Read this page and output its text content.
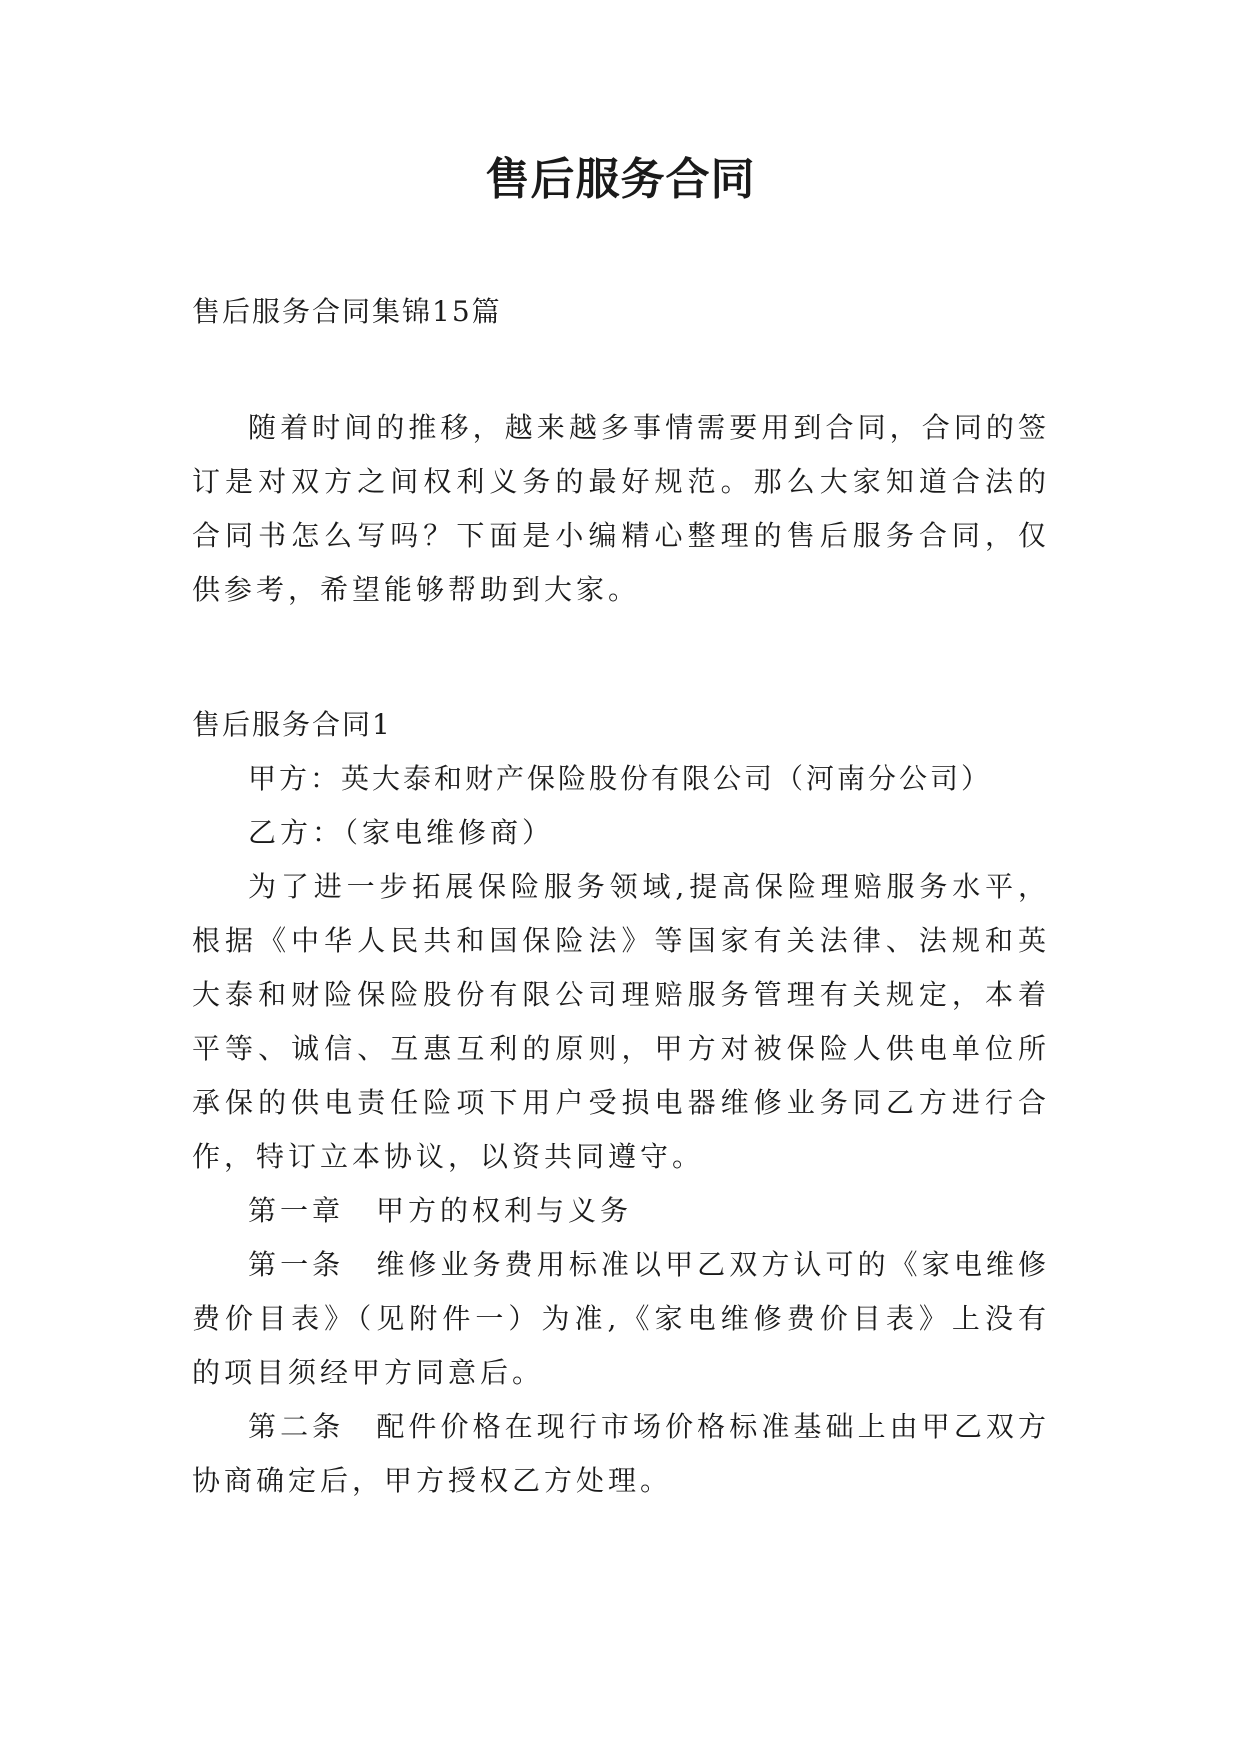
售后服务合同
售后服务合同集锦15篇

随着时间的推移，越来越多事情需要用到合同，合同的签订是对双方之间权利义务的最好规范。那么大家知道合法的合同书怎么写吗？下面是小编精心整理的售后服务合同，仅供参考，希望能够帮助到大家。

售后服务合同1

甲方：英大泰和财产保险股份有限公司（河南分公司）

乙方：（家电维修商）

为了进一步拓展保险服务领域,提高保险理赔服务水平，根据《中华人民共和国保险法》等国家有关法律、法规和英大泰和财险保险股份有限公司理赔服务管理有关规定，本着平等、诚信、互惠互利的原则，甲方对被保险人供电单位所承保的供电责任险项下用户受损电器维修业务同乙方进行合作，特订立本协议，以资共同遵守。

第一章　甲方的权利与义务

第一条　维修业务费用标准以甲乙双方认可的《家电维修费价目表》（见附件一）为准,《家电维修费价目表》上没有的项目须经甲方同意后。

第二条　配件价格在现行市场价格标准基础上由甲乙双方协商确定后，甲方授权乙方处理。
